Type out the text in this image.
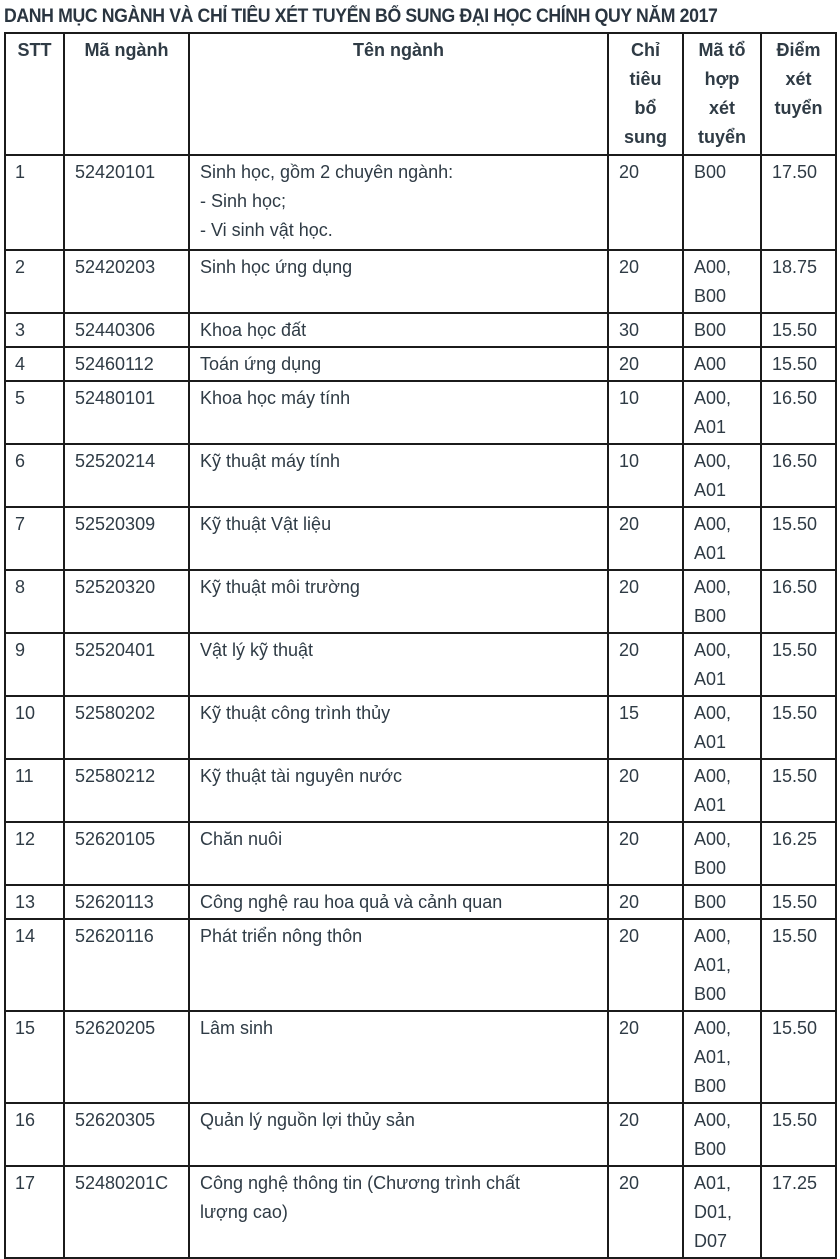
DANH MỤC NGÀNH VÀ CHỈ TIÊU XÉT TUYỂN BỔ SUNG ĐẠI HỌC CHÍNH QUY NĂM 2017
STT	Mã ngành	Tên ngành	Chỉ
tiêu
bổ
sung	Mã tổ
hợp
xét
tuyển	Điểm
xét
tuyển

1	52420101	Sinh học, gồm 2 chuyên ngành:
- Sinh học;
- Vi sinh vật học.	20	B00	17.50
2	52420203	Sinh học ứng dụng	20	A00,
B00	18.75
3	52440306	Khoa học đất	30	B00	15.50
4	52460112	Toán ứng dụng	20	A00	15.50
5	52480101	Khoa học máy tính	10	A00,
A01	16.50
6	52520214	Kỹ thuật máy tính	10	A00,
A01	16.50
7	52520309	Kỹ thuật Vật liệu	20	A00,
A01	15.50
8	52520320	Kỹ thuật môi trường	20	A00,
B00	16.50
9	52520401	Vật lý kỹ thuật	20	A00,
A01	15.50
10	52580202	Kỹ thuật công trình thủy	15	A00,
A01	15.50
11	52580212	Kỹ thuật tài nguyên nước	20	A00,
A01	15.50
12	52620105	Chăn nuôi	20	A00,
B00	16.25
13	52620113	Công nghệ rau hoa quả và cảnh quan	20	B00	15.50
14	52620116	Phát triển nông thôn	20	A00,
A01,
B00	15.50
15	52620205	Lâm sinh	20	A00,
A01,
B00	15.50
16	52620305	Quản lý nguồn lợi thủy sản	20	A00,
B00	15.50
17	52480201C	Công nghệ thông tin (Chương trình chất
lượng cao)	20	A01,
D01,
D07	17.25
